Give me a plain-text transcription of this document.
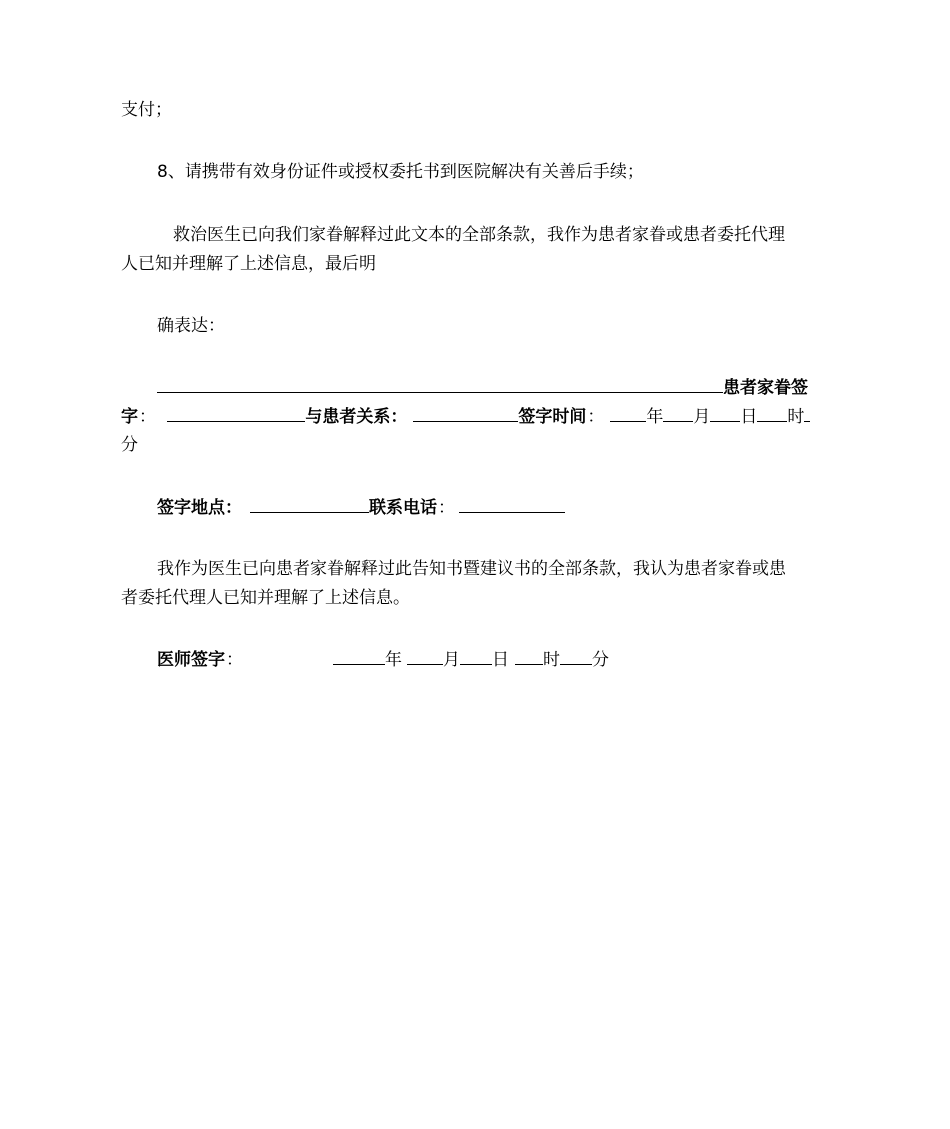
支付；
8、请携带有效身份证件或授权委托书到医院解决有关善后手续；
救治医生已向我们家眷解释过此文本的全部条款，我作为患者家眷或患者委托代理
人已知并理解了上述信息，最后明
确表达：
患者家眷签
字：	与患者关系：	签字时间： 年 月 日 时
分
签字地点：	联系电话：
我作为医生已向患者家眷解释过此告知书暨建议书的全部条款，我认为患者家眷或患
者委托代理人已知并理解了上述信息。
医师签字：	年 月 日 时 分
